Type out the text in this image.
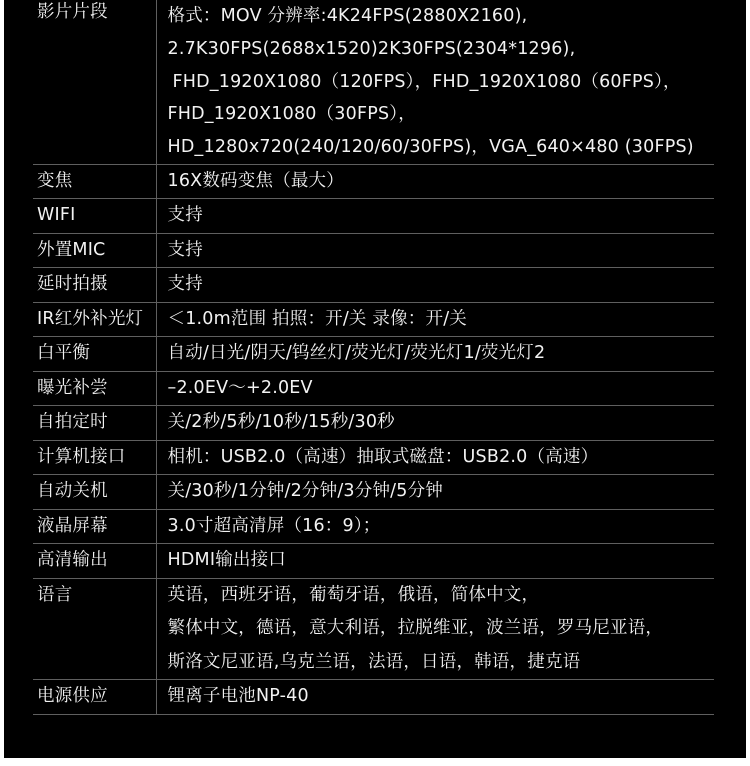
影片片段	格式：MOV 分辨率:4K24FPS(2880X2160),
2.7K30FPS(2688x1520)2K30FPS(2304*1296),
FHD_1920X1080（120FPS），FHD_1920X1080（60FPS），
FHD_1920X1080（30FPS），
HD_1280x720(240/120/60/30FPS)，VGA_640×480 (30FPS)

变焦	16X数码变焦（最大）

WIFI	支持

外置MIC	支持

延时拍摄	支持

IR红外补光灯	＜1.0m范围 拍照：开/关 录像：开/关

白平衡	自动/日光/阴天/钨丝灯/荧光灯/荧光灯1/荧光灯2

曝光补尝	–2.0EV～+2.0EV

自拍定时	关/2秒/5秒/10秒/15秒/30秒

计算机接口	相机：USB2.0（高速）抽取式磁盘：USB2.0（高速）

自动关机	关/30秒/1分钟/2分钟/3分钟/5分钟

液晶屏幕	3.0寸超高清屏（16：9）；

高清输出	HDMI输出接口

语言	英语，西班牙语，葡萄牙语，俄语，简体中文，
繁体中文，德语，意大利语，拉脱维亚，波兰语，罗马尼亚语，
斯洛文尼亚语,乌克兰语，法语，日语，韩语，捷克语

电源供应	锂离子电池NP-40
